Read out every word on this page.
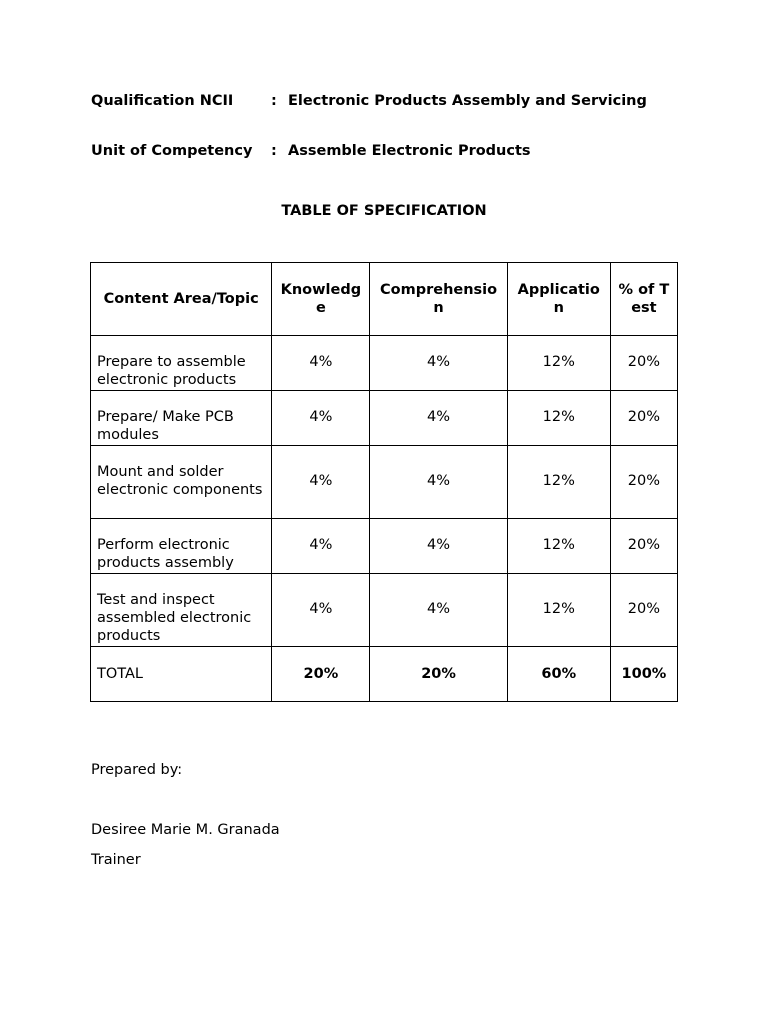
Qualification NCII	: Electronic Products Assembly and Servicing
Unit of Competency : Assemble Electronic Products
TABLE OF SPECIFICATION
Content Area/Topic	Knowledge	Comprehension	Application	% of Test
Prepare to assemble electronic products	4%	4%	12%	20%
Prepare/ Make PCB modules	4%	4%	12%	20%
Mount and solder electronic components	4%	4%	12%	20%
Perform electronic products assembly	4%	4%	12%	20%
Test and inspect assembled electronic products	4%	4%	12%	20%
TOTAL	20%	20%	60%	100%
Prepared by:
Desiree Marie M. Granada
Trainer
